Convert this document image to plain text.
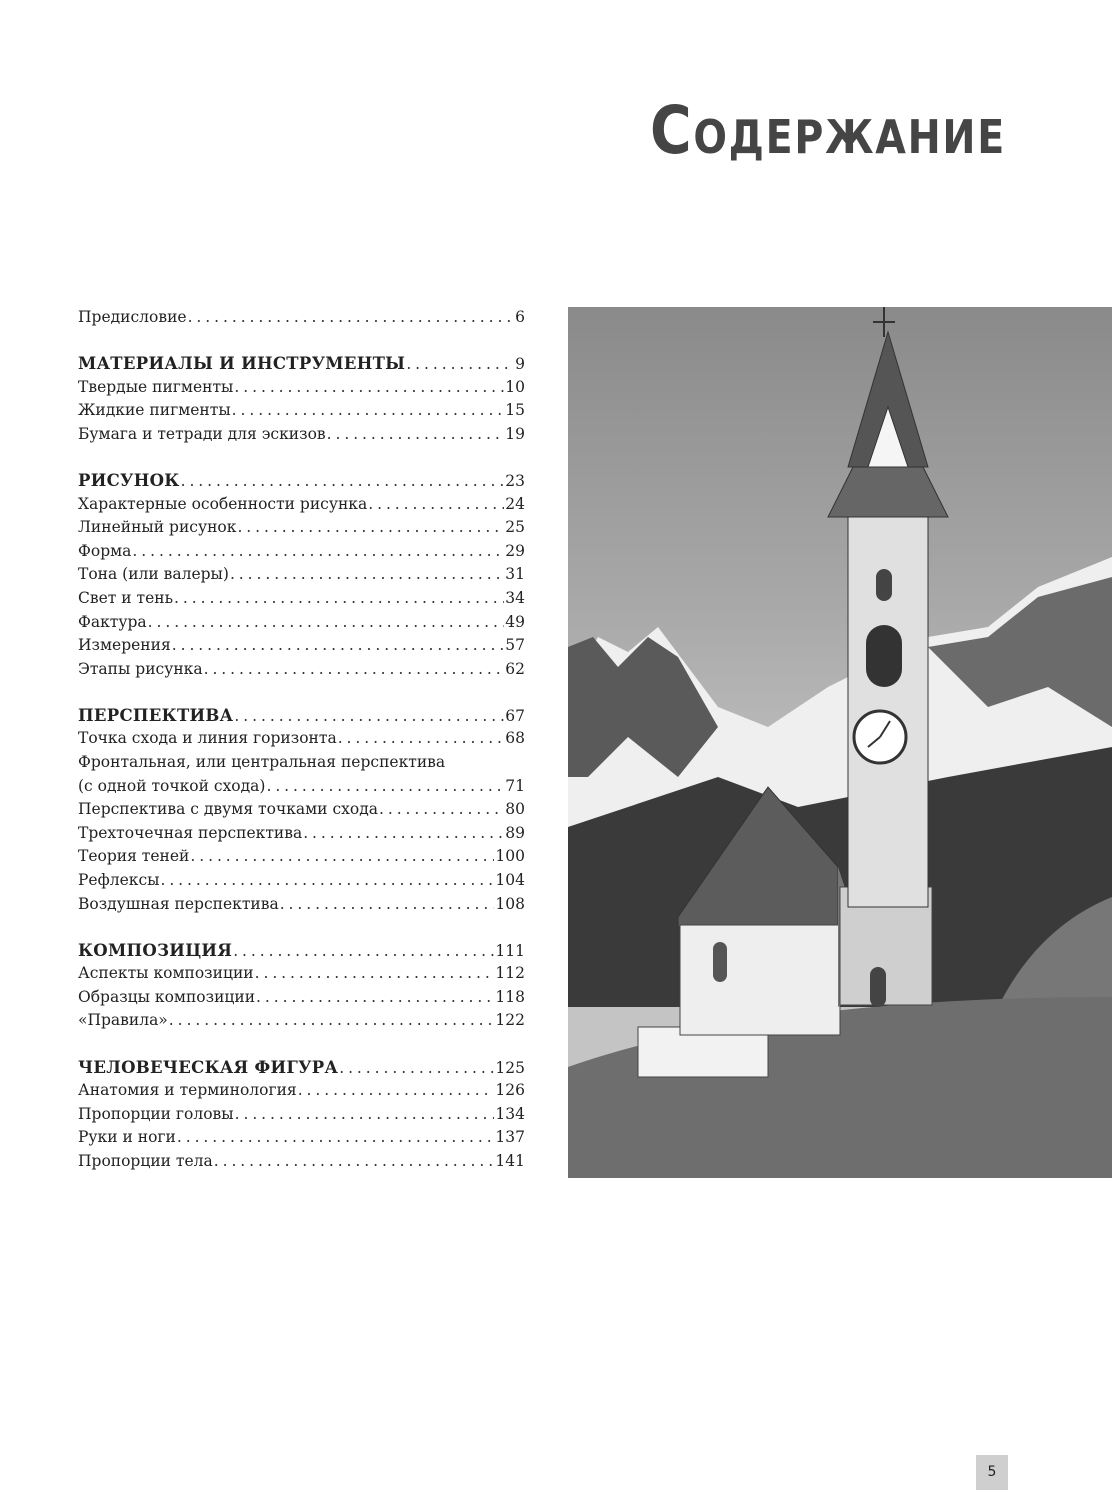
Содержание
Предисловие . . .	6
МАТЕРИАЛЫ И ИНСТРУМЕНТЫ . . .	9
Твердые пигменты . . .	10
Жидкие пигменты . . .	15
Бумага и тетради для эскизов . . .	19
РИСУНОК . . .	23
Характерные особенности рисунка . . .	24
Линейный рисунок . . .	25
Форма . . .	29
Тона (или валеры) . . .	31
Свет и тень . . .	34
Фактура . . .	49
Измерения . . .	57
Этапы рисунка . . .	62
ПЕРСПЕКТИВА . . .	67
Точка схода и линия горизонта . . .	68
Фронтальная, или центральная перспектива
(с одной точкой схода) . . .	71
Перспектива с двумя точками схода . . .	80
Трехточечная перспектива . . .	89
Теория теней . . .	100
Рефлексы . . .	104
Воздушная перспектива . . .	108
КОМПОЗИЦИЯ . . .	111
Аспекты композиции . . .	112
Образцы композиции . . .	118
«Правила» . . .	122
ЧЕЛОВЕЧЕСКАЯ ФИГУРА . . .	125
Анатомия и терминология . . .	126
Пропорции головы . . .	134
Руки и ноги . . .	137
Пропорции тела . . .	141
5
